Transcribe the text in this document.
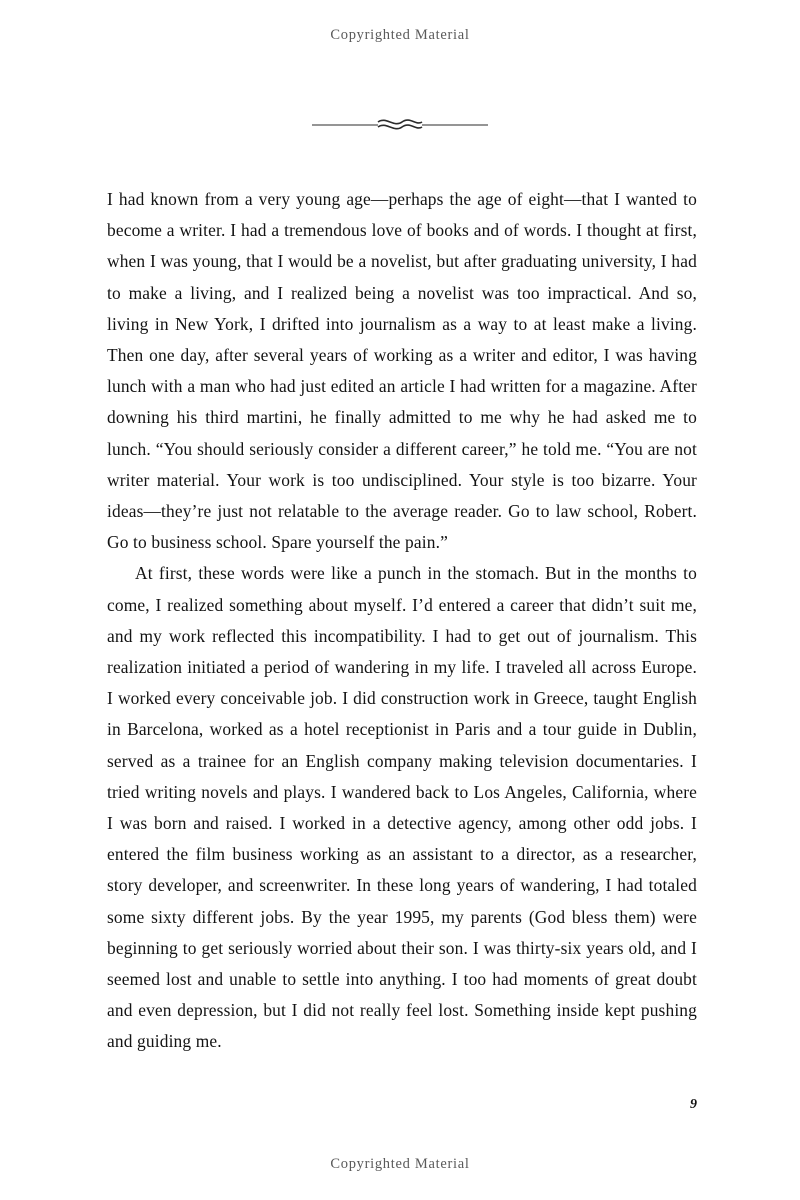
Copyrighted Material

I had known from a very young age—perhaps the age of eight—that I wanted to become a writer. I had a tremendous love of books and of words. I thought at first, when I was young, that I would be a novelist, but after graduating university, I had to make a living, and I realized being a novelist was too impractical. And so, living in New York, I drifted into journalism as a way to at least make a living. Then one day, after several years of working as a writer and editor, I was having lunch with a man who had just edited an article I had written for a magazine. After downing his third martini, he finally admitted to me why he had asked me to lunch. “You should seriously consider a different career,” he told me. “You are not writer material. Your work is too undisciplined. Your style is too bizarre. Your ideas—they’re just not relatable to the average reader. Go to law school, Robert. Go to business school. Spare yourself the pain.”

At first, these words were like a punch in the stomach. But in the months to come, I realized something about myself. I’d entered a career that didn’t suit me, and my work reflected this incompatibility. I had to get out of journalism. This realization initiated a period of wandering in my life. I traveled all across Europe. I worked every conceivable job. I did construction work in Greece, taught English in Barcelona, worked as a hotel receptionist in Paris and a tour guide in Dublin, served as a trainee for an English company making television documentaries. I tried writing novels and plays. I wandered back to Los Angeles, California, where I was born and raised. I worked in a detective agency, among other odd jobs. I entered the film business working as an assistant to a director, as a researcher, story developer, and screenwriter. In these long years of wandering, I had totaled some sixty different jobs. By the year 1995, my parents (God bless them) were beginning to get seriously worried about their son. I was thirty-six years old, and I seemed lost and unable to settle into anything. I too had moments of great doubt and even depression, but I did not really feel lost. Something inside kept pushing and guiding me.

9
Copyrighted Material
